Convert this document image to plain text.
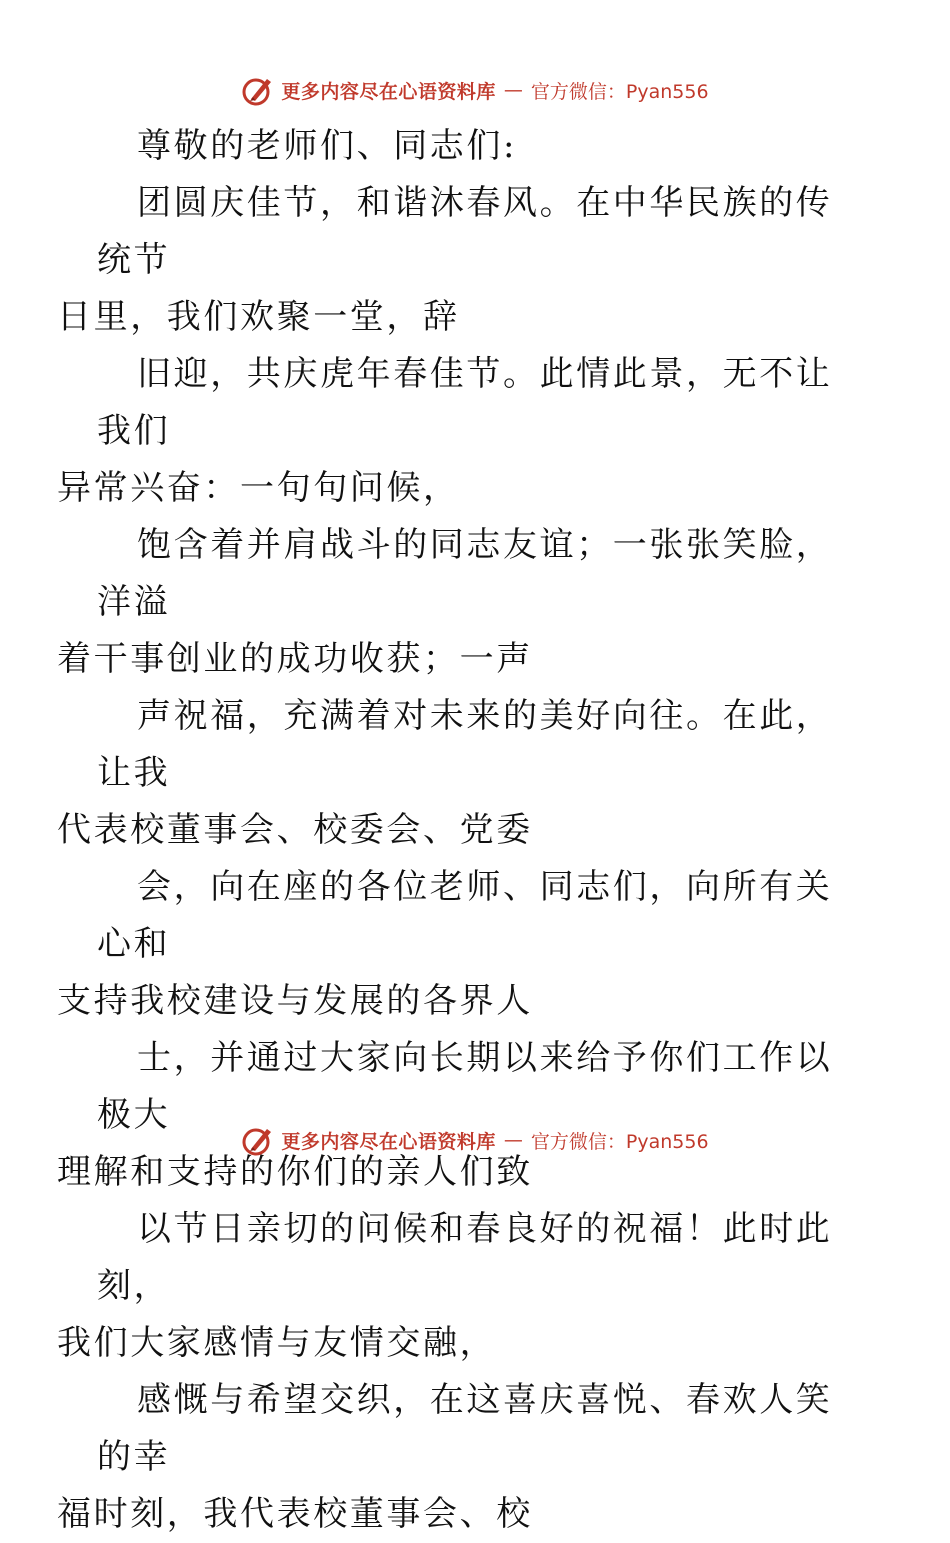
更多内容尽在心语资料库 — 官方微信：Pyan556

尊敬的老师们、同志们:

团圆庆佳节，和谐沐春风。在中华民族的传统节
日里，我们欢聚一堂，辞

旧迎，共庆虎年春佳节。此情此景，无不让我们
异常兴奋：一句句问候，

饱含着并肩战斗的同志友谊；一张张笑脸，洋溢
着干事创业的成功收获；一声

声祝福，充满着对未来的美好向往。在此，让我
代表校董事会、校委会、党委

会，向在座的各位老师、同志们，向所有关心和
支持我校建设与发展的各界人

士，并通过大家向长期以来给予你们工作以极大
理解和支持的你们的亲人们致

以节日亲切的问候和春良好的祝福！此时此刻，
我们大家感情与友情交融，

感慨与希望交织，在这喜庆喜悦、春欢人笑的幸
福时刻，我代表校董事会、校

更多内容尽在心语资料库 — 官方微信：Pyan556
